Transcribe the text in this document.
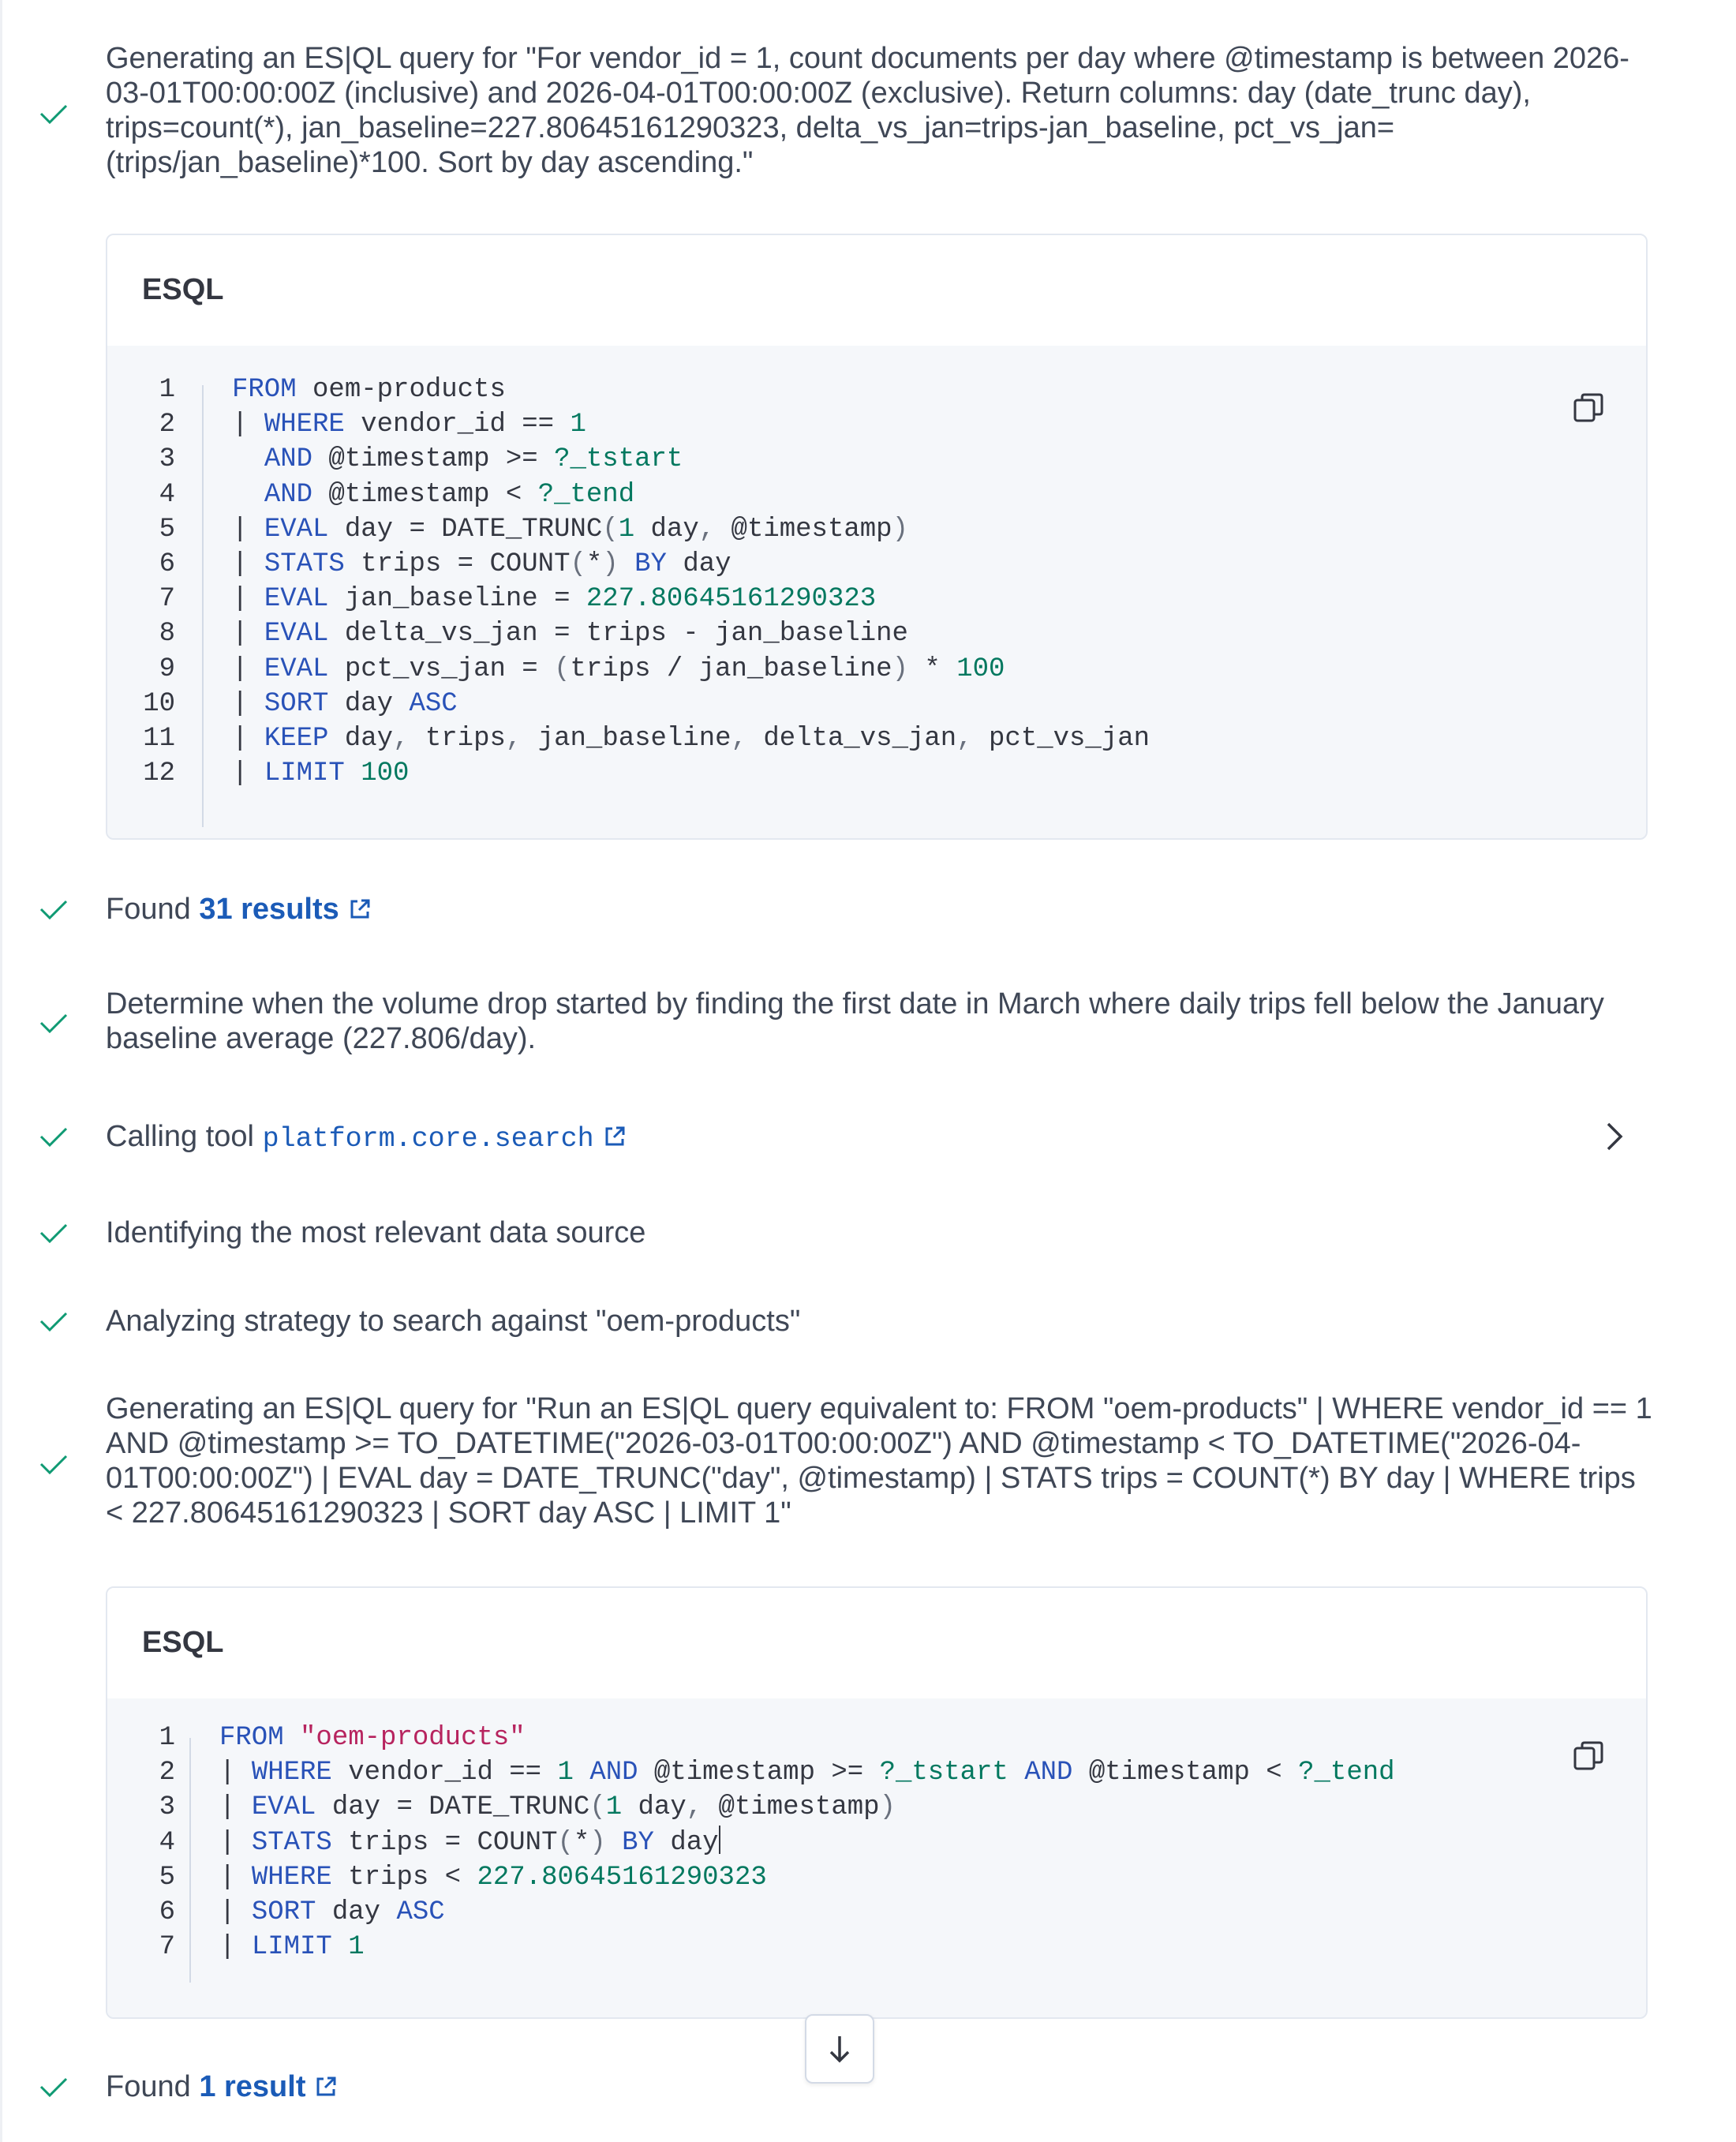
Generating an ES|QL query for "For vendor_id = 1, count documents per day where @timestamp is between 2026-03-01T00:00:00Z (inclusive) and 2026-04-01T00:00:00Z (exclusive). Return columns: day (date_trunc day), trips=count(*), jan_baseline=227.80645161290323, delta_vs_jan=trips-jan_baseline, pct_vs_jan=(trips/jan_baseline)*100. Sort by day ascending."
ESQL
1 FROM oem-products
2 | WHERE vendor_id == 1
3	AND @timestamp >= ?_tstart
4	AND @timestamp < ?_tend
5 | EVAL day = DATE_TRUNC(1 day, @timestamp)
6 | STATS trips = COUNT(*) BY day
7 | EVAL jan_baseline = 227.80645161290323
8 | EVAL delta_vs_jan = trips - jan_baseline
9 | EVAL pct_vs_jan = (trips / jan_baseline) * 100
10 | SORT day ASC
11 | KEEP day, trips, jan_baseline, delta_vs_jan, pct_vs_jan
12 | LIMIT 100
Found 31 results
Determine when the volume drop started by finding the first date in March where daily trips fell below the January baseline average (227.806/day).
Calling tool platform.core.search
Identifying the most relevant data source
Analyzing strategy to search against "oem-products"
Generating an ES|QL query for "Run an ES|QL query equivalent to: FROM "oem-products" | WHERE vendor_id == 1 AND @timestamp >= TO_DATETIME("2026-03-01T00:00:00Z") AND @timestamp < TO_DATETIME("2026-04-01T00:00:00Z") | EVAL day = DATE_TRUNC("day", @timestamp) | STATS trips = COUNT(*) BY day | WHERE trips < 227.80645161290323 | SORT day ASC | LIMIT 1"
ESQL
1 FROM "oem-products"
2 | WHERE vendor_id == 1 AND @timestamp >= ?_tstart AND @timestamp < ?_tend
3 | EVAL day = DATE_TRUNC(1 day, @timestamp)
4 | STATS trips = COUNT(*) BY day
5 | WHERE trips < 227.80645161290323
6 | SORT day ASC
7 | LIMIT 1
Found 1 result
